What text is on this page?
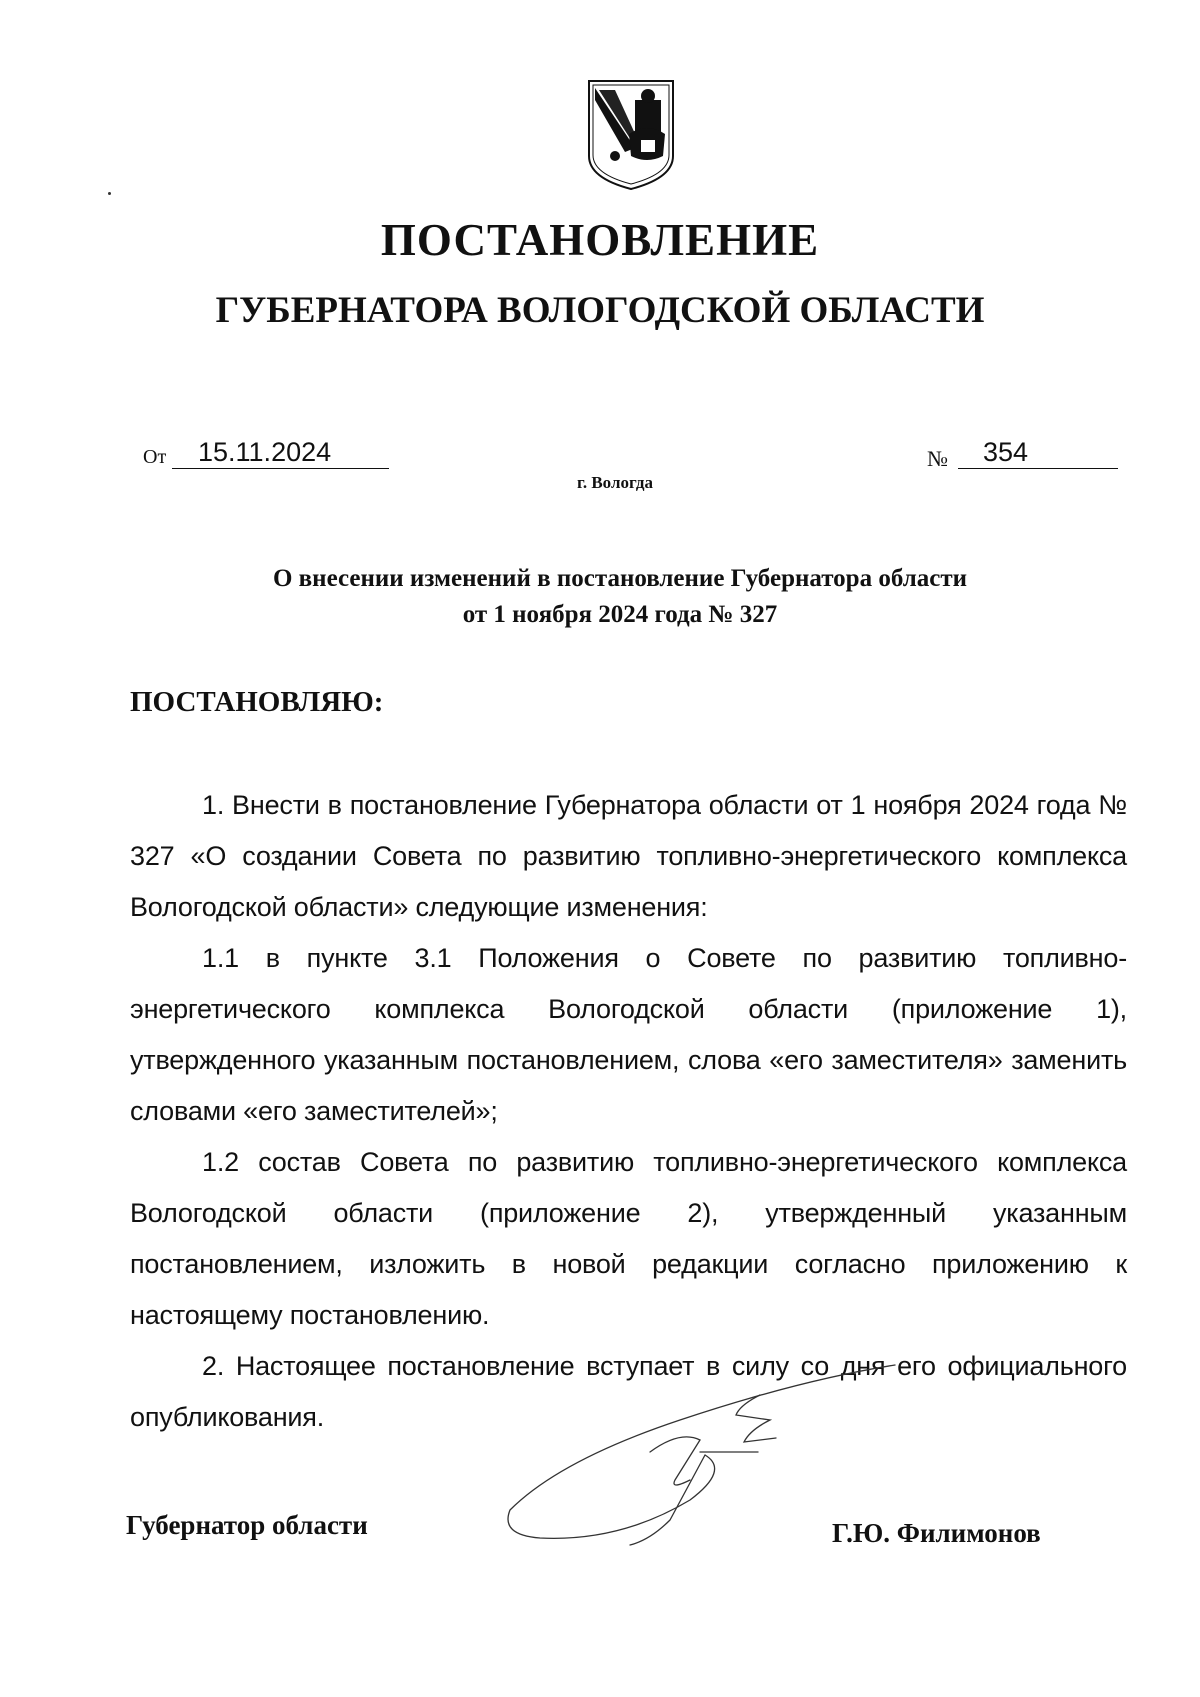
ПОСТАНОВЛЕНИЕ
ГУБЕРНАТОРА ВОЛОГОДСКОЙ ОБЛАСТИ
От	15.11.2024	№	354
г. Вологда
О внесении изменений в постановление Губернатора области
от 1 ноября 2024 года № 327
ПОСТАНОВЛЯЮ:

1. Внести в постановление Губернатора области от 1 ноября 2024 года № 327 «О создании Совета по развитию топливно-энергетического комплекса Вологодской области» следующие изменения:

1.1 в пункте 3.1 Положения о Совете по развитию топливно-энергетического комплекса Вологодской области (приложение 1), утвержденного указанным постановлением, слова «его заместителя» заменить словами «его заместителей»;

1.2 состав Совета по развитию топливно-энергетического комплекса Вологодской области (приложение 2), утвержденный указанным постановлением, изложить в новой редакции согласно приложению к настоящему постановлению.

2. Настоящее постановление вступает в силу со дня его официального опубликования.

Губернатор области	Г.Ю. Филимонов
